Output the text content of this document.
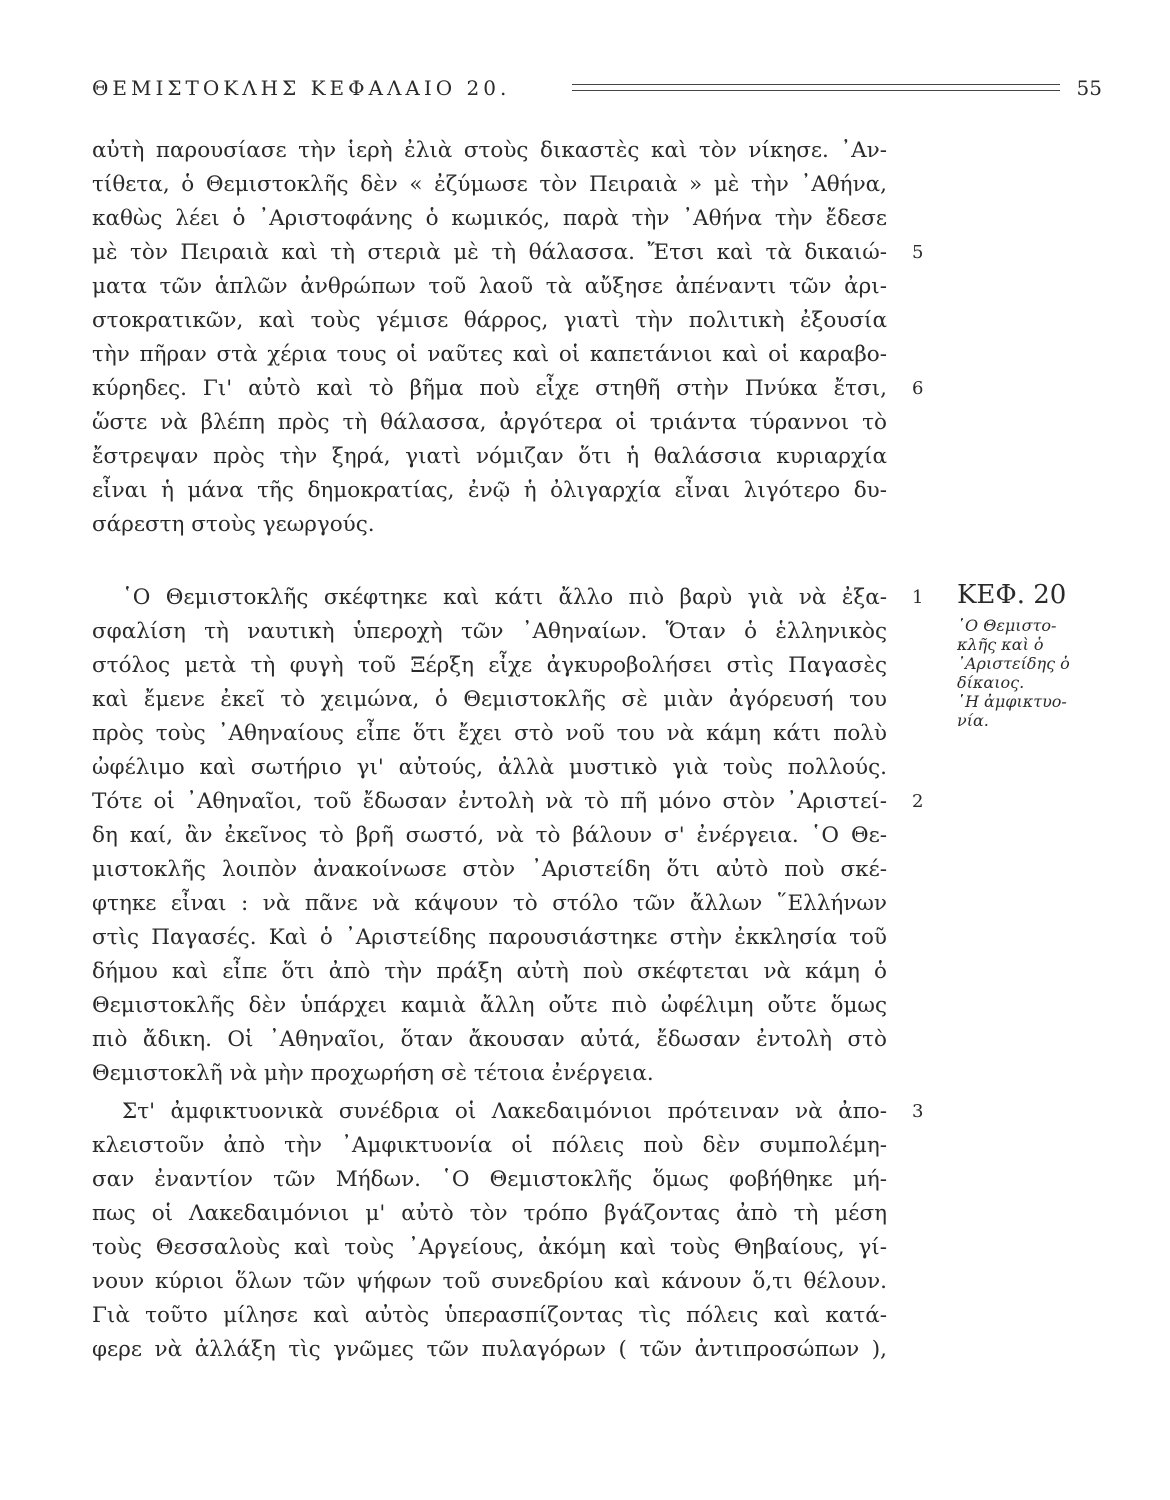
ΘΕΜΙΣΤΟΚΛΗΣ ΚΕΦΑΛΑΙΟ 20.	55
αὐτὴ παρουσίασε τὴν ἱερὴ ἐλιὰ στοὺς δικαστὲς καὶ τὸν νίκησε. ᾿Αν-
τίθετα, ὁ Θεμιστοκλῆς δὲν « ἐζύμωσε τὸν Πειραιὰ » μὲ τὴν ᾿Αθήνα,
καθὼς λέει ὁ ᾿Αριστοφάνης ὁ κωμικός, παρὰ τὴν ᾿Αθήνα τὴν ἔδεσε
μὲ τὸν Πειραιὰ καὶ τὴ στεριὰ μὲ τὴ θάλασσα. Ἔτσι καὶ τὰ δικαιώ-
ματα τῶν ἁπλῶν ἀνθρώπων τοῦ λαοῦ τὰ αὔξησε ἀπέναντι τῶν ἀρι-
στοκρατικῶν, καὶ τοὺς γέμισε θάρρος, γιατὶ τὴν πολιτικὴ ἐξουσία
τὴν πῆραν στὰ χέρια τους οἱ ναῦτες καὶ οἱ καπετάνιοι καὶ οἱ καραβο-
κύρηδες. Γι' αὐτὸ καὶ τὸ βῆμα ποὺ εἶχε στηθῆ στὴν Πνύκα ἔτσι,
ὥστε νὰ βλέπη πρὸς τὴ θάλασσα, ἀργότερα οἱ τριάντα τύραννοι τὸ
ἔστρεψαν πρὸς τὴν ξηρά, γιατὶ νόμιζαν ὅτι ἡ θαλάσσια κυριαρχία
εἶναι ἡ μάνα τῆς δημοκρατίας, ἐνῷ ἡ ὀλιγαρχία εἶναι λιγότερο δυ-
σάρεστη στοὺς γεωργούς.
῾Ο Θεμιστοκλῆς σκέφτηκε καὶ κάτι ἄλλο πιὸ βαρὺ γιὰ νὰ ἐξα-
σφαλίση τὴ ναυτικὴ ὑπεροχὴ τῶν ᾿Αθηναίων. Ὅταν ὁ ἑλληνικὸς
στόλος μετὰ τὴ φυγὴ τοῦ Ξέρξη εἶχε ἀγκυροβολήσει στὶς Παγασὲς
καὶ ἔμενε ἐκεῖ τὸ χειμώνα, ὁ Θεμιστοκλῆς σὲ μιὰν ἀγόρευσή του
πρὸς τοὺς ᾿Αθηναίους εἶπε ὅτι ἔχει στὸ νοῦ του νὰ κάμη κάτι πολὺ
ὠφέλιμο καὶ σωτήριο γι' αὐτούς, ἀλλὰ μυστικὸ γιὰ τοὺς πολλούς.
Τότε οἱ ᾿Αθηναῖοι, τοῦ ἔδωσαν ἐντολὴ νὰ τὸ πῆ μόνο στὸν ᾿Αριστεί-
δη καί, ἂν ἐκεῖνος τὸ βρῆ σωστό, νὰ τὸ βάλουν σ' ἐνέργεια. ῾Ο Θε-
μιστοκλῆς λοιπὸν ἀνακοίνωσε στὸν ᾿Αριστείδη ὅτι αὐτὸ ποὺ σκέ-
φτηκε εἶναι : νὰ πᾶνε νὰ κάψουν τὸ στόλο τῶν ἄλλων ῞Ελλήνων
στὶς Παγασές. Καὶ ὁ ᾿Αριστείδης παρουσιάστηκε στὴν ἐκκλησία τοῦ
δήμου καὶ εἶπε ὅτι ἀπὸ τὴν πράξη αὐτὴ ποὺ σκέφτεται νὰ κάμη ὁ
Θεμιστοκλῆς δὲν ὑπάρχει καμιὰ ἄλλη οὔτε πιὸ ὠφέλιμη οὔτε ὅμως
πιὸ ἄδικη. Οἱ ᾿Αθηναῖοι, ὅταν ἄκουσαν αὐτά, ἔδωσαν ἐντολὴ στὸ
Θεμιστοκλῆ νὰ μὴν προχωρήση σὲ τέτοια ἐνέργεια.
Στ' ἀμφικτυονικὰ συνέδρια οἱ Λακεδαιμόνιοι πρότειναν νὰ ἀπο-
κλειστοῦν ἀπὸ τὴν ᾿Αμφικτυονία οἱ πόλεις ποὺ δὲν συμπολέμη-
σαν ἐναντίον τῶν Μήδων. ῾Ο Θεμιστοκλῆς ὅμως φοβήθηκε μή-
πως οἱ Λακεδαιμόνιοι μ' αὐτὸ τὸν τρόπο βγάζοντας ἀπὸ τὴ μέση
τοὺς Θεσσαλοὺς καὶ τοὺς ᾿Αργείους, ἀκόμη καὶ τοὺς Θηβαίους, γί-
νουν κύριοι ὅλων τῶν ψήφων τοῦ συνεδρίου καὶ κάνουν ὅ,τι θέλουν.
Γιὰ τοῦτο μίλησε καὶ αὐτὸς ὑπερασπίζοντας τὶς πόλεις καὶ κατά-
φερε νὰ ἀλλάξη τὶς γνῶμες τῶν πυλαγόρων ( τῶν ἀντιπροσώπων ),
5
6
1
2
3
ΚΕΦ. 20
῾Ο Θεμιστο-
κλῆς καὶ ὁ
᾿Αριστείδης ὁ
δίκαιος.
῾Η ἀμφικτυο-
νία.
